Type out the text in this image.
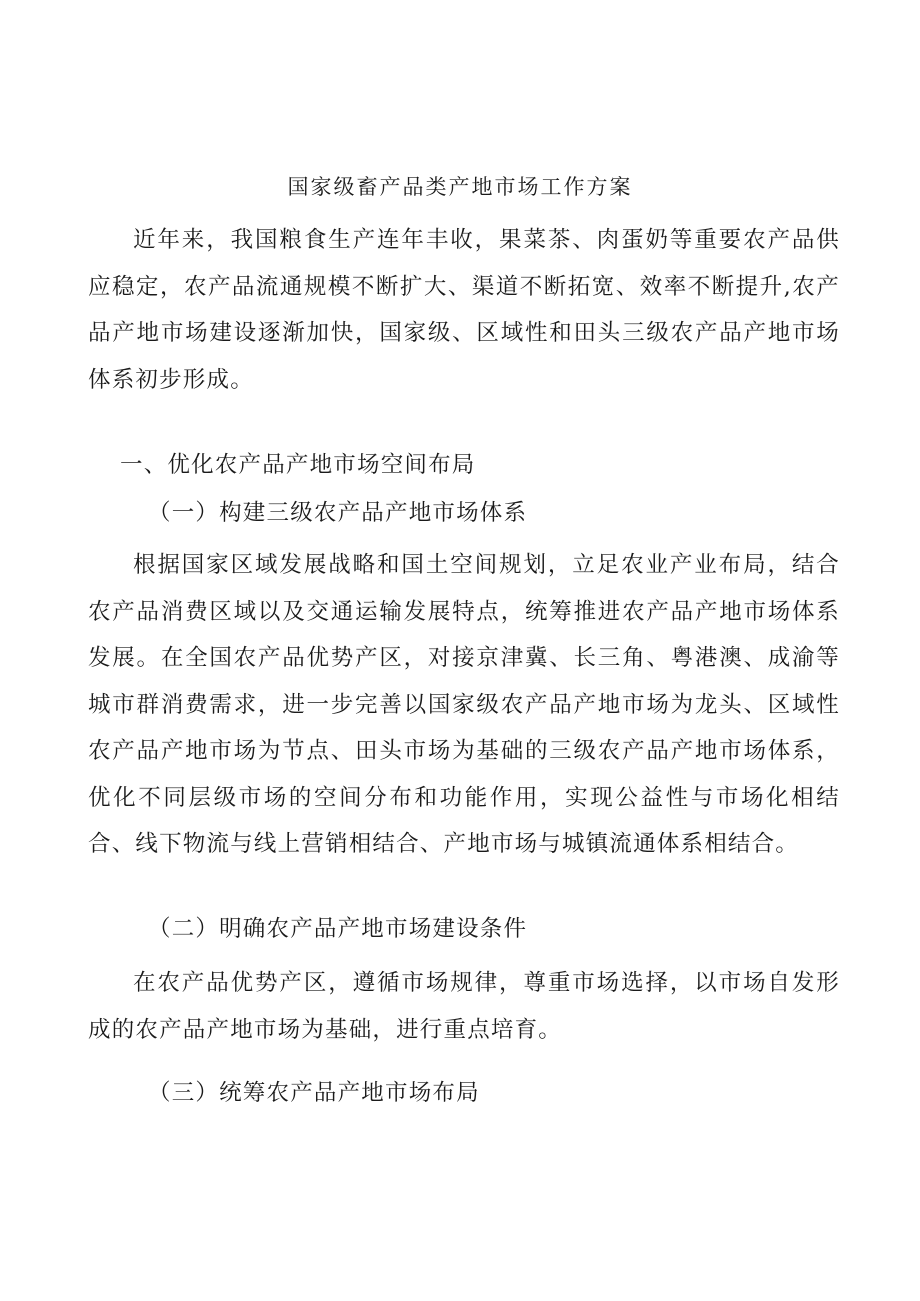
国家级畜产品类产地市场工作方案

近年来，我国粮食生产连年丰收，果菜茶、肉蛋奶等重要农产品供应稳定，农产品流通规模不断扩大、渠道不断拓宽、效率不断提升,农产品产地市场建设逐渐加快，国家级、区域性和田头三级农产品产地市场体系初步形成。

一、优化农产品产地市场空间布局
（一）构建三级农产品产地市场体系

根据国家区域发展战略和国土空间规划，立足农业产业布局，结合农产品消费区域以及交通运输发展特点，统筹推进农产品产地市场体系发展。在全国农产品优势产区，对接京津冀、长三角、粤港澳、成渝等城市群消费需求，进一步完善以国家级农产品产地市场为龙头、区域性农产品产地市场为节点、田头市场为基础的三级农产品产地市场体系，优化不同层级市场的空间分布和功能作用，实现公益性与市场化相结合、线下物流与线上营销相结合、产地市场与城镇流通体系相结合。

（二）明确农产品产地市场建设条件

在农产品优势产区，遵循市场规律，尊重市场选择，以市场自发形成的农产品产地市场为基础，进行重点培育。

（三）统筹农产品产地市场布局
